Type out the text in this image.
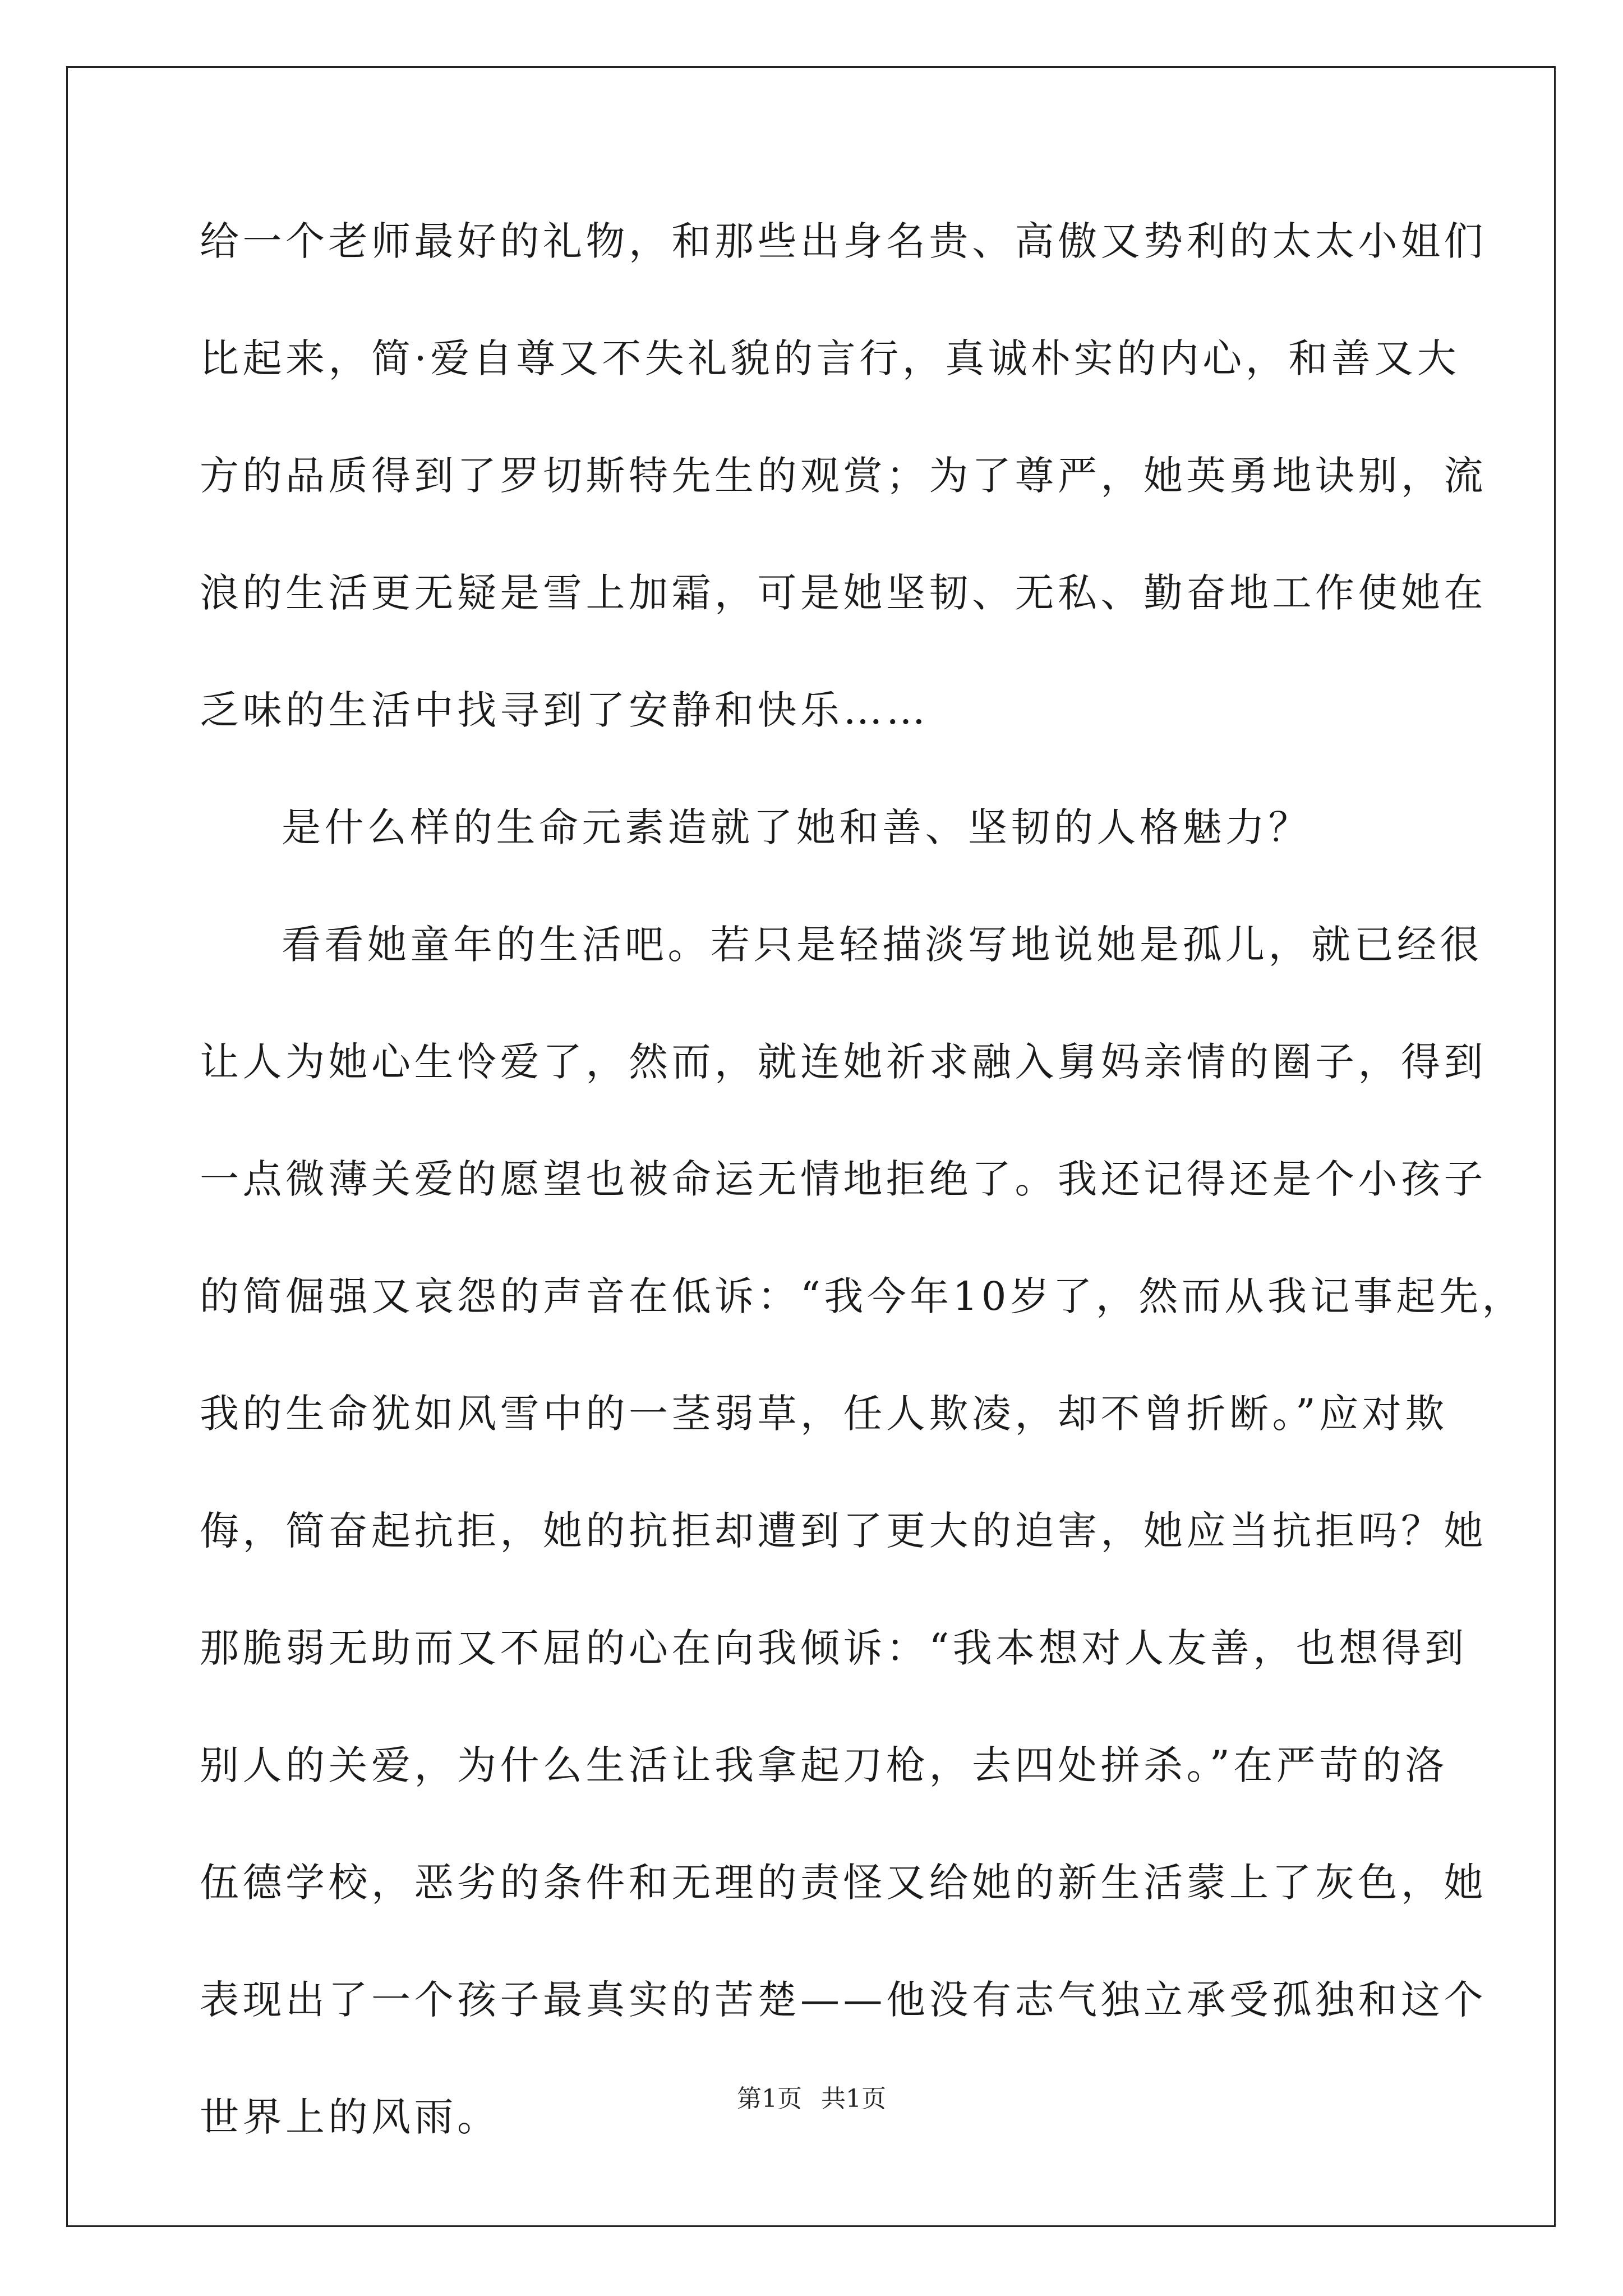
给一个老师最好的礼物，和那些出身名贵、高傲又势利的太太小姐们
比起来，简·爱自尊又不失礼貌的言行，真诚朴实的内心，和善又大
方的品质得到了罗切斯特先生的观赏；为了尊严，她英勇地诀别，流
浪的生活更无疑是雪上加霜，可是她坚韧、无私、勤奋地工作使她在
乏味的生活中找寻到了安静和快乐……
是什么样的生命元素造就了她和善、坚韧的人格魅力？
看看她童年的生活吧。若只是轻描淡写地说她是孤儿，就已经很
让人为她心生怜爱了，然而，就连她祈求融入舅妈亲情的圈子，得到
一点微薄关爱的愿望也被命运无情地拒绝了。我还记得还是个小孩子
的简倔强又哀怨的声音在低诉：“我今年10岁了，然而从我记事起先，
我的生命犹如风雪中的一茎弱草，任人欺凌，却不曾折断。”应对欺
侮，简奋起抗拒，她的抗拒却遭到了更大的迫害，她应当抗拒吗？她
那脆弱无助而又不屈的心在向我倾诉：“我本想对人友善，也想得到
别人的关爱，为什么生活让我拿起刀枪，去四处拼杀。”在严苛的洛
伍德学校，恶劣的条件和无理的责怪又给她的新生活蒙上了灰色，她
表现出了一个孩子最真实的苦楚——他没有志气独立承受孤独和这个
世界上的风雨。	第1页 共1页
